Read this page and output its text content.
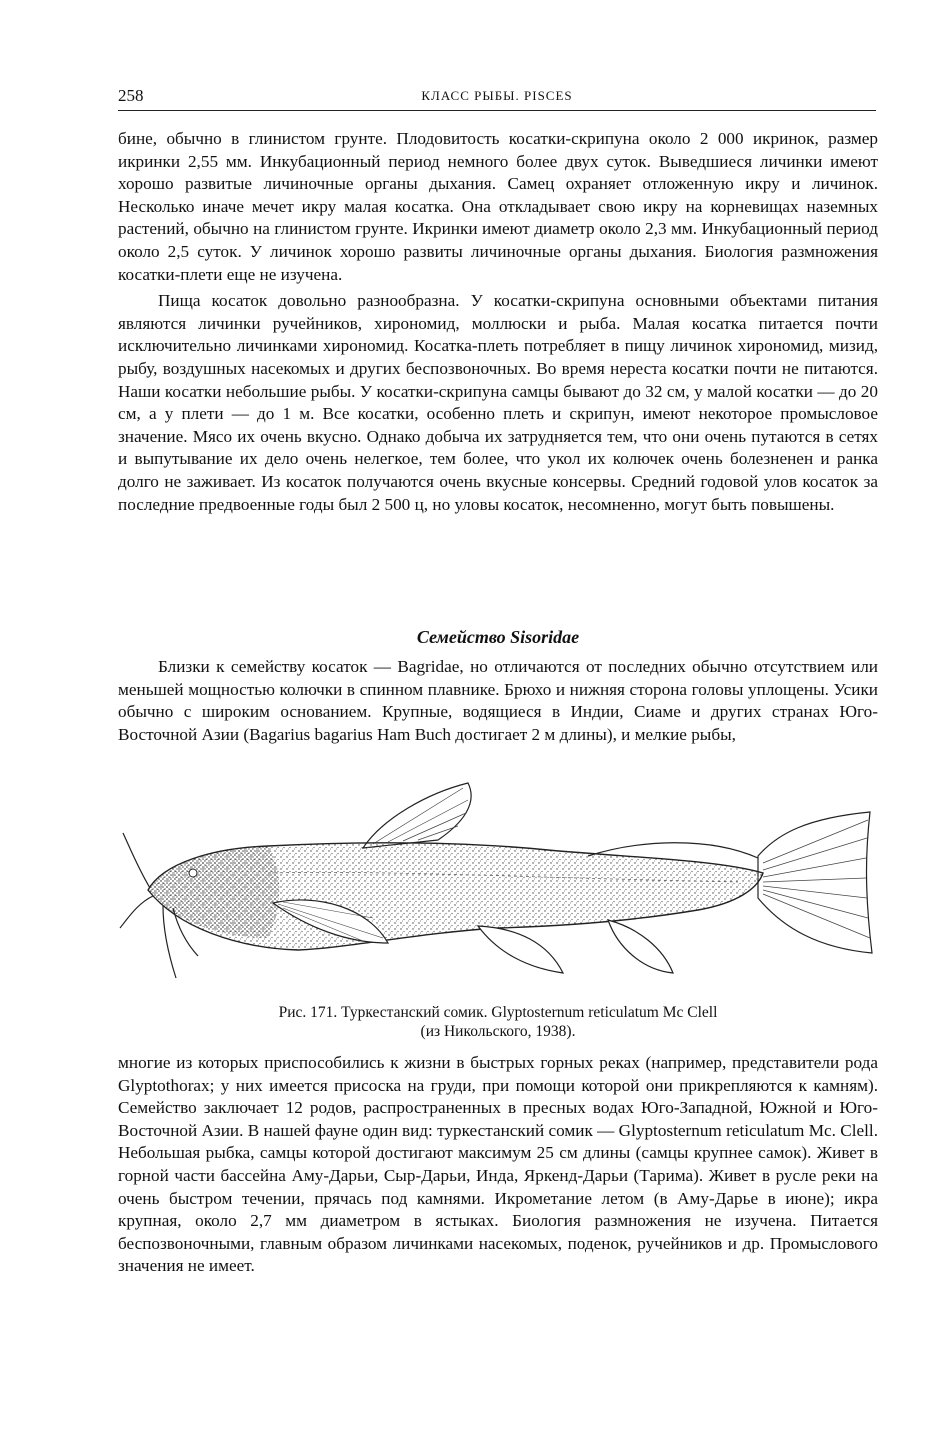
258	КЛАСС РЫБЫ. PISCES

бине, обычно в глинистом грунте. Плодовитость косатки-скрипуна около 2 000 икринок, размер икринки 2,55 мм. Инкубационный период немного более двух суток. Выведшиеся личинки имеют хорошо развитые личиночные органы дыхания. Самец охраняет отложенную икру и личинок. Несколько иначе мечет икру малая косатка. Она откладывает свою икру на корневищах наземных растений, обычно на глинистом грунте. Икринки имеют диаметр около 2,3 мм. Инкубационный период около 2,5 суток. У личинок хорошо развиты личиночные органы дыхания. Биология размножения косатки-плети еще не изучена.

Пища косаток довольно разнообразна. У косатки-скрипуна основными объектами питания являются личинки ручейников, хирономид, моллюски и рыба. Малая косатка питается почти исключительно личинками хирономид. Косатка-плеть потребляет в пищу личинок хирономид, мизид, рыбу, воздушных насекомых и других беспозвоночных. Во время нереста косатки почти не питаются. Наши косатки небольшие рыбы. У косатки-скрипуна самцы бывают до 32 см, у малой косатки — до 20 см, а у плети — до 1 м. Все косатки, особенно плеть и скрипун, имеют некоторое промысловое значение. Мясо их очень вкусно. Однако добыча их затрудняется тем, что они очень путаются в сетях и выпутывание их дело очень нелегкое, тем более, что укол их колючек очень болезненен и ранка долго не заживает. Из косаток получаются очень вкусные консервы. Средний годовой улов косаток за последние предвоенные годы был 2 500 ц, но уловы косаток, несомненно, могут быть повышены.

Семейство Sisoridae

Близки к семейству косаток — Bagridae, но отличаются от последних обычно отсутствием или меньшей мощностью колючки в спинном плавнике. Брюхо и нижняя сторона головы уплощены. Усики обычно с широким основанием. Крупные, водящиеся в Индии, Сиаме и других странах Юго-Восточной Азии (Bagarius bagarius Ham Buch достигает 2 м длины), и мелкие рыбы,

Рис. 171. Туркестанский сомик. Glyptosternum reticulatum Mc Clell
(из Никольского, 1938).

многие из которых приспособились к жизни в быстрых горных реках (например, представители рода Glyptothorax; у них имеется присоска на груди, при помощи которой они прикрепляются к камням). Семейство заключает 12 родов, распространенных в пресных водах Юго-Западной, Южной и Юго-Восточной Азии. В нашей фауне один вид: туркестанский сомик — Glyptosternum reticulatum Mc. Clell. Небольшая рыбка, самцы которой достигают максимум 25 см длины (самцы крупнее самок). Живет в горной части бассейна Аму-Дарьи, Сыр-Дарьи, Инда, Яркенд-Дарьи (Тарима). Живет в русле реки на очень быстром течении, прячась под камнями. Икрометание летом (в Аму-Дарье в июне); икра крупная, около 2,7 мм диаметром в ястыках. Биология размножения не изучена. Питается беспозвоночными, главным образом личинками насекомых, поденок, ручейников и др. Промыслового значения не имеет.
